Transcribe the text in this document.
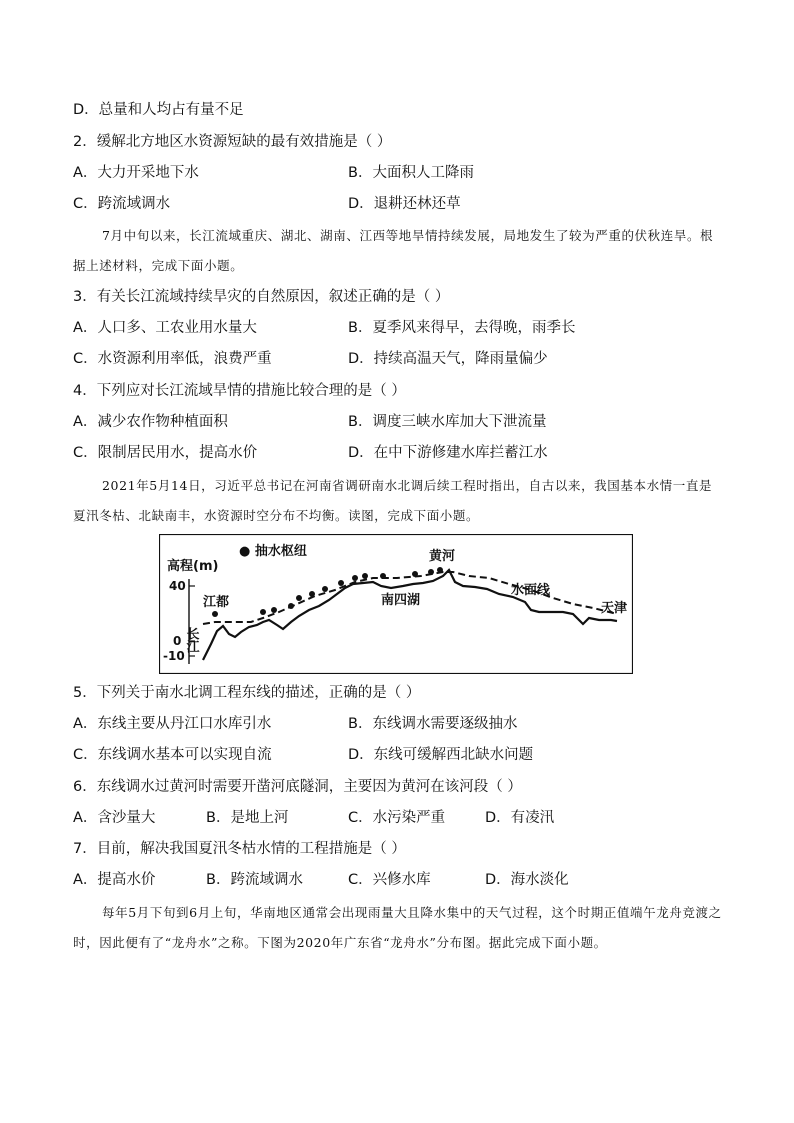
D．总量和人均占有量不足
2．缓解北方地区水资源短缺的最有效措施是（ ）
A．大力开采地下水	B．大面积人工降雨
C．跨流域调水	D．退耕还林还草
7月中旬以来，长江流域重庆、湖北、湖南、江西等地旱情持续发展，局地发生了较为严重的伏秋连旱。根据上述材料，完成下面小题。
3．有关长江流域持续旱灾的自然原因，叙述正确的是（ ）
A．人口多、工农业用水量大	B．夏季风来得早，去得晚，雨季长
C．水资源利用率低，浪费严重	D．持续高温天气，降雨量偏少
4．下列应对长江流域旱情的措施比较合理的是（ ）
A．减少农作物种植面积	B．调度三峡水库加大下泄流量
C．限制居民用水，提高水价	D．在中下游修建水库拦蓄江水
2021年5月14日，习近平总书记在河南省调研南水北调后续工程时指出，自古以来，我国基本水情一直是夏汛冬枯、北缺南丰，水资源时空分布不均衡。读图，完成下面小题。
高程(m)
● 抽水枢纽
40
0
-10
江都
长江
黄河
南四湖
水面线
天津
5．下列关于南水北调工程东线的描述，正确的是（ ）
A．东线主要从丹江口水库引水	B．东线调水需要逐级抽水
C．东线调水基本可以实现自流	D．东线可缓解西北缺水问题
6．东线调水过黄河时需要开凿河底隧洞，主要因为黄河在该河段（ ）
A．含沙量大	B．是地上河	C．水污染严重	D．有凌汛
7．目前，解决我国夏汛冬枯水情的工程措施是（ ）
A．提高水价	B．跨流域调水	C．兴修水库	D．海水淡化
每年5月下旬到6月上旬，华南地区通常会出现雨量大且降水集中的天气过程，这个时期正值端午龙舟竞渡之时，因此便有了“龙舟水”之称。下图为2020年广东省“龙舟水”分布图。据此完成下面小题。
